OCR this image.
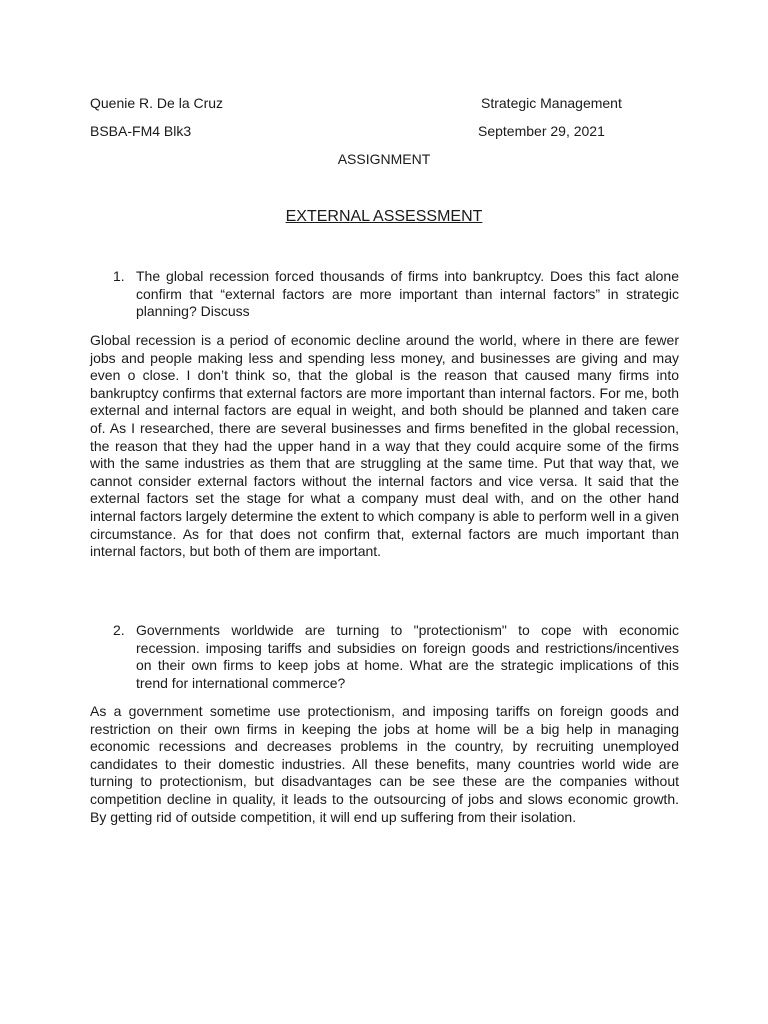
Quenie R. De la Cruz	Strategic Management
BSBA-FM4 Blk3	September 29, 2021
ASSIGNMENT
EXTERNAL ASSESSMENT
1. The global recession forced thousands of firms into bankruptcy. Does this fact alone confirm that “external factors are more important than internal factors” in strategic planning? Discuss
Global recession is a period of economic decline around the world, where in there are fewer jobs and people making less and spending less money, and businesses are giving and may even o close. I don’t think so, that the global is the reason that caused many firms into bankruptcy confirms that external factors are more important than internal factors. For me, both external and internal factors are equal in weight, and both should be planned and taken care of. As I researched, there are several businesses and firms benefited in the global recession, the reason that they had the upper hand in a way that they could acquire some of the firms with the same industries as them that are struggling at the same time. Put that way that, we cannot consider external factors without the internal factors and vice versa. It said that the external factors set the stage for what a company must deal with, and on the other hand internal factors largely determine the extent to which company is able to perform well in a given circumstance. As for that does not confirm that, external factors are much important than internal factors, but both of them are important.
2. Governments worldwide are turning to "protectionism" to cope with economic recession. imposing tariffs and subsidies on foreign goods and restrictions/incentives on their own firms to keep jobs at home. What are the strategic implications of this trend for international commerce?
As a government sometime use protectionism, and imposing tariffs on foreign goods and restriction on their own firms in keeping the jobs at home will be a big help in managing economic recessions and decreases problems in the country, by recruiting unemployed candidates to their domestic industries. All these benefits, many countries world wide are turning to protectionism, but disadvantages can be see these are the companies without competition decline in quality, it leads to the outsourcing of jobs and slows economic growth. By getting rid of outside competition, it will end up suffering from their isolation.
